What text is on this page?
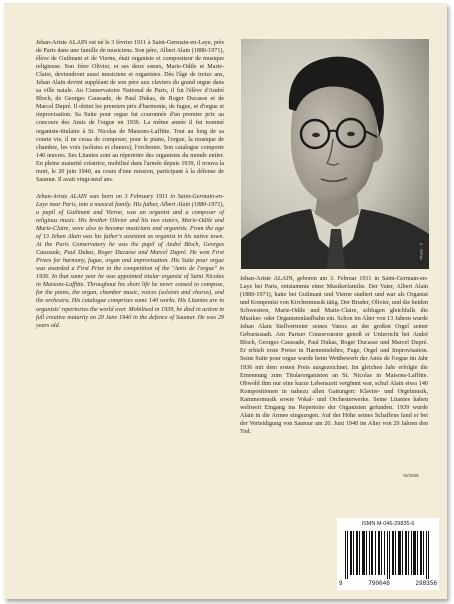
Jehan-Ariste ALAIN est né le 3 février 1911 à Saint-Germain-en-Laye, près de Paris dans une famille de musiciens. Son père, Albert Alain (1880-1971), élève de Guilmant et de Vierne, était organiste et compositeur de musique religieuse. Son frère Olivier, et ses deux sœurs, Marie-Odile et Marie-Claire, deviendront aussi musiciens et organistes. Dès l'âge de treize ans, Jehan Alain devint suppléant de son père aux claviers du grand orgue dans sa ville natale. Au Conservatoire National de Paris, il fut l'élève d'André Bloch, de Georges Caussade, de Paul Dukas, de Roger Ducasse et de Marcel Dupré. Il obtint les premiers prix d'harmonie, de fugue, et d'orgue et improvisation. Sa Suite pour orgue fut couronnée d'un premier prix au concours des Amis de l'orgue en 1936. La même année il fut nommé organiste-titulaire à St. Nicolas de Maisons-Laffitte. Tout au long de sa courte vie, il ne cessa de composer, pour le piano, l'orgue, la musique de chambre, les voix (solistes et chœurs), l'orchestre. Son catalogue comporte 140 œuvres. Ses Litanies sont au répertoire des organistes du monde entier. En pleine maturité créatrice, mobilisé dans l'armée depuis 1939, il trouva la mort, le 20 juin 1940, au cours d'une mission, participant à la défense de Saumur. Il avait vingt-neuf ans.

Jehan-Ariste ALAIN was born on 3 February 1911 in Saint-Germain-en-Laye near Paris, into a musical family. His father, Albert Alain (1880-1971), a pupil of Guilmant and Vierne, was an organist and a composer of religious music. His brother Olivier and his two sisters, Marie-Odile and Marie-Claire, were also to become musicians and organists. From the age of 13 Jehan Alain was his father's assistant as organist in his native town. At the Paris Conservatory he was the pupil of André Bloch, Georges Caussade, Paul Dukas, Roger Ducasse and Marcel Dupré. He won First Prizes for harmony, fugue, organ and improvisation. His Suite pour orgue was awarded a First Prize in the competition of the "Amis de l'orgue" in 1936. In that same year he was appointed titular organist of Saint Nicolas in Maisons-Laffitte. Throughout his short life he never ceased to compose, for the piano, the organ, chamber music, voices (soloists and chorus), and the orchestra. His catalogue comprises some 140 works. His Litanies are in organists' repertories the world over. Mobilised in 1939, he died in action in full creative maturity on 20 June 1940 in the defence of Saumur. He was 29 years old.

Photo : X

Jehan-Ariste ALAIN, geboren am 3. Februar 1911 in Saint-Germain-en-Laye bei Paris, entstammte einer Musikerfamilie. Der Vater, Albert Alain (1880-1971), hatte bei Guilmant und Vierne studiert und war als Organist und Komponist von Kirchenmusik tätig. Der Bruder, Olivier, und die beiden Schwestern, Marie-Odile und Marie-Claire, schlugen gleichfalls die Musiker- oder Organistenlaufbahn ein. Schon im Alter von 13 Jahren wurde Jehan Alain Stellvertreter seines Vaters an der großen Orgel seiner Geburtsstadt. Am Pariser Conservatoire genoß er Unterricht bei André Bloch, Georges Caussade, Paul Dukas, Roger Ducasse und Marcel Dupré. Er erhielt erste Preise in Harmonielehre, Fuge, Orgel und Improvisation. Seine Suite pour orgue wurde beim Wettbewerb der Amis de l'orgue im Jahr 1936 mit dem ersten Preis ausgezeichnet. Im gleichen Jahr erfolgte die Ernennung zum Titularorganisten an St. Nicolas in Maisons-Laffitte. Obwohl ihm nur eine kurze Lebenszeit vergönnt war, schuf Alain etwa 140 Kompositionen in nahezu allen Gattungen: Klavier- und Orgelmusik, Kammermusik sowie Vokal- und Orchesterwerke. Seine Litanies haben weltweit Eingang ins Repertoire der Organisten gefunden. 1939 wurde Alain in die Armee eingezogen. Auf der Höhe seines Schaffens fand er bei der Verteidigung von Saumur am 20. Juni 1940 im Alter von 29 Jahren den Tod.

XI/2000
ISMN M-046-29835-6
9	790046	298356
